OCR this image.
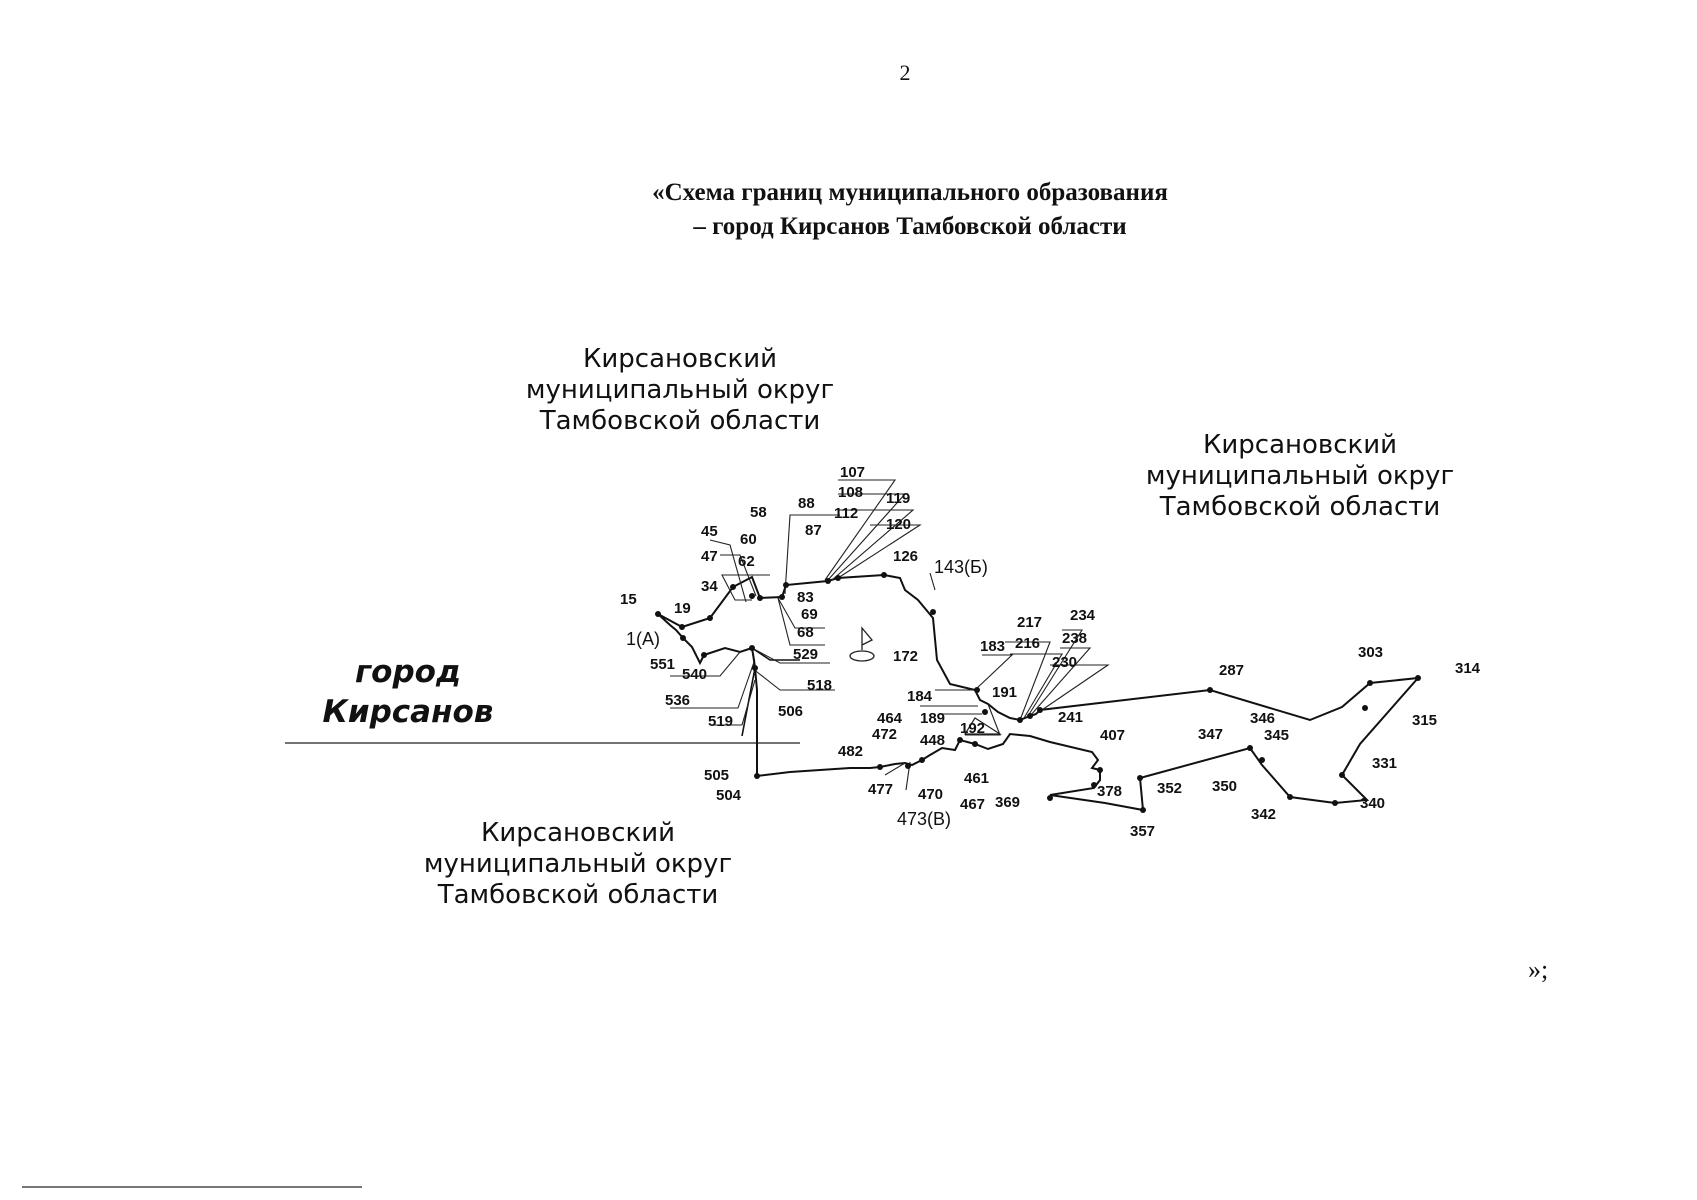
2
«Схема границ муниципального образования
– город Кирсанов Тамбовской области
Кирсановский
муниципальный округ
Тамбовской области
Кирсановский
муниципальный округ
Тамбовской области
Кирсановский
муниципальный округ
Тамбовской области
город
Кирсанов
»;
15
19
34
45
47
58
60
62
88
87
107
108
112
119
120
126
83
69
68
529
551
540
536
518
519
506
505
504
482
477 470
461
467 369
172
183
184
189
191
192
464
472 448
217
216
234
238
230
241
287
303
314
315
331
340
342
346
345
347
350
352
357
378
407
1(А)
143(Б)
473(В)
